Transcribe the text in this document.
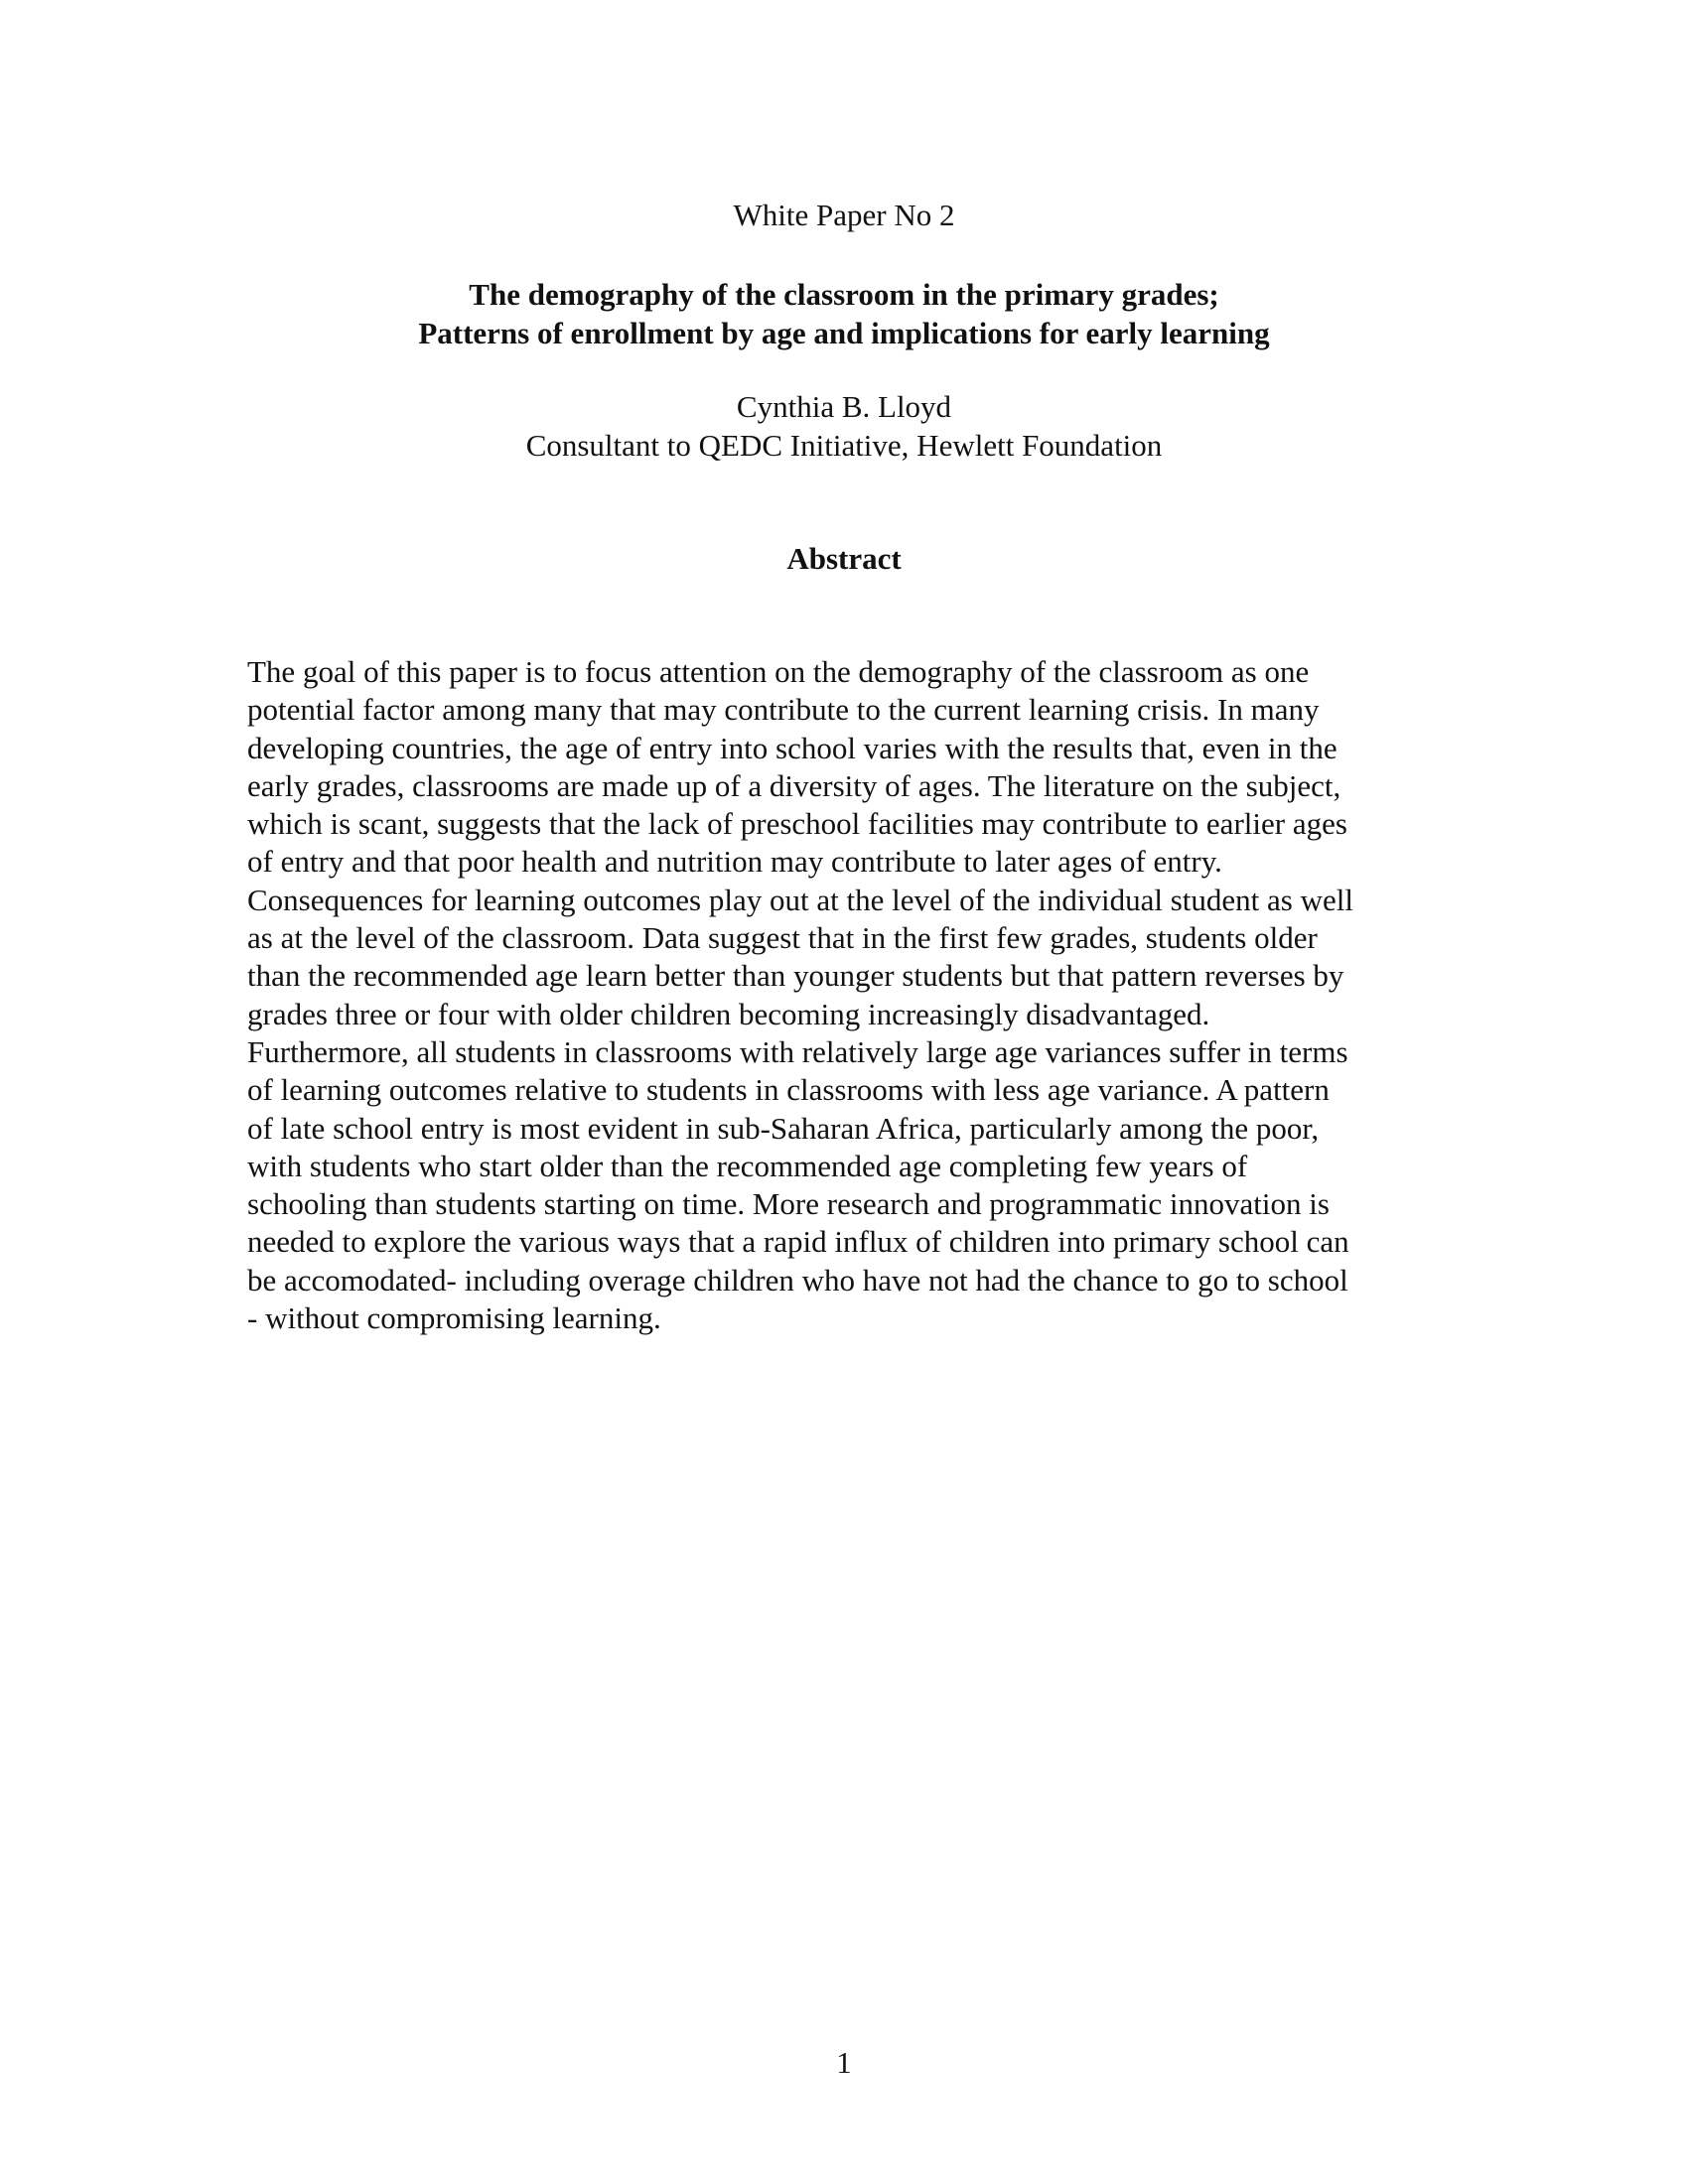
White Paper No 2
The demography of the classroom in the primary grades;
Patterns of enrollment by age and implications for early learning
Cynthia B. Lloyd
Consultant to QEDC Initiative, Hewlett Foundation
Abstract
The goal of this paper is to focus attention on the demography of the classroom as one
potential factor among many that may contribute to the current learning crisis. In many
developing countries, the age of entry into school varies with the results that, even in the
early grades, classrooms are made up of a diversity of ages. The literature on the subject,
which is scant, suggests that the lack of preschool facilities may contribute to earlier ages
of entry and that poor health and nutrition may contribute to later ages of entry.
Consequences for learning outcomes play out at the level of the individual student as well
as at the level of the classroom. Data suggest that in the first few grades, students older
than the recommended age learn better than younger students but that pattern reverses by
grades three or four with older children becoming increasingly disadvantaged.
Furthermore, all students in classrooms with relatively large age variances suffer in terms
of learning outcomes relative to students in classrooms with less age variance. A pattern
of late school entry is most evident in sub-Saharan Africa, particularly among the poor,
with students who start older than the recommended age completing few years of
schooling than students starting on time. More research and programmatic innovation is
needed to explore the various ways that a rapid influx of children into primary school can
be accomodated- including overage children who have not had the chance to go to school
- without compromising learning.
1
